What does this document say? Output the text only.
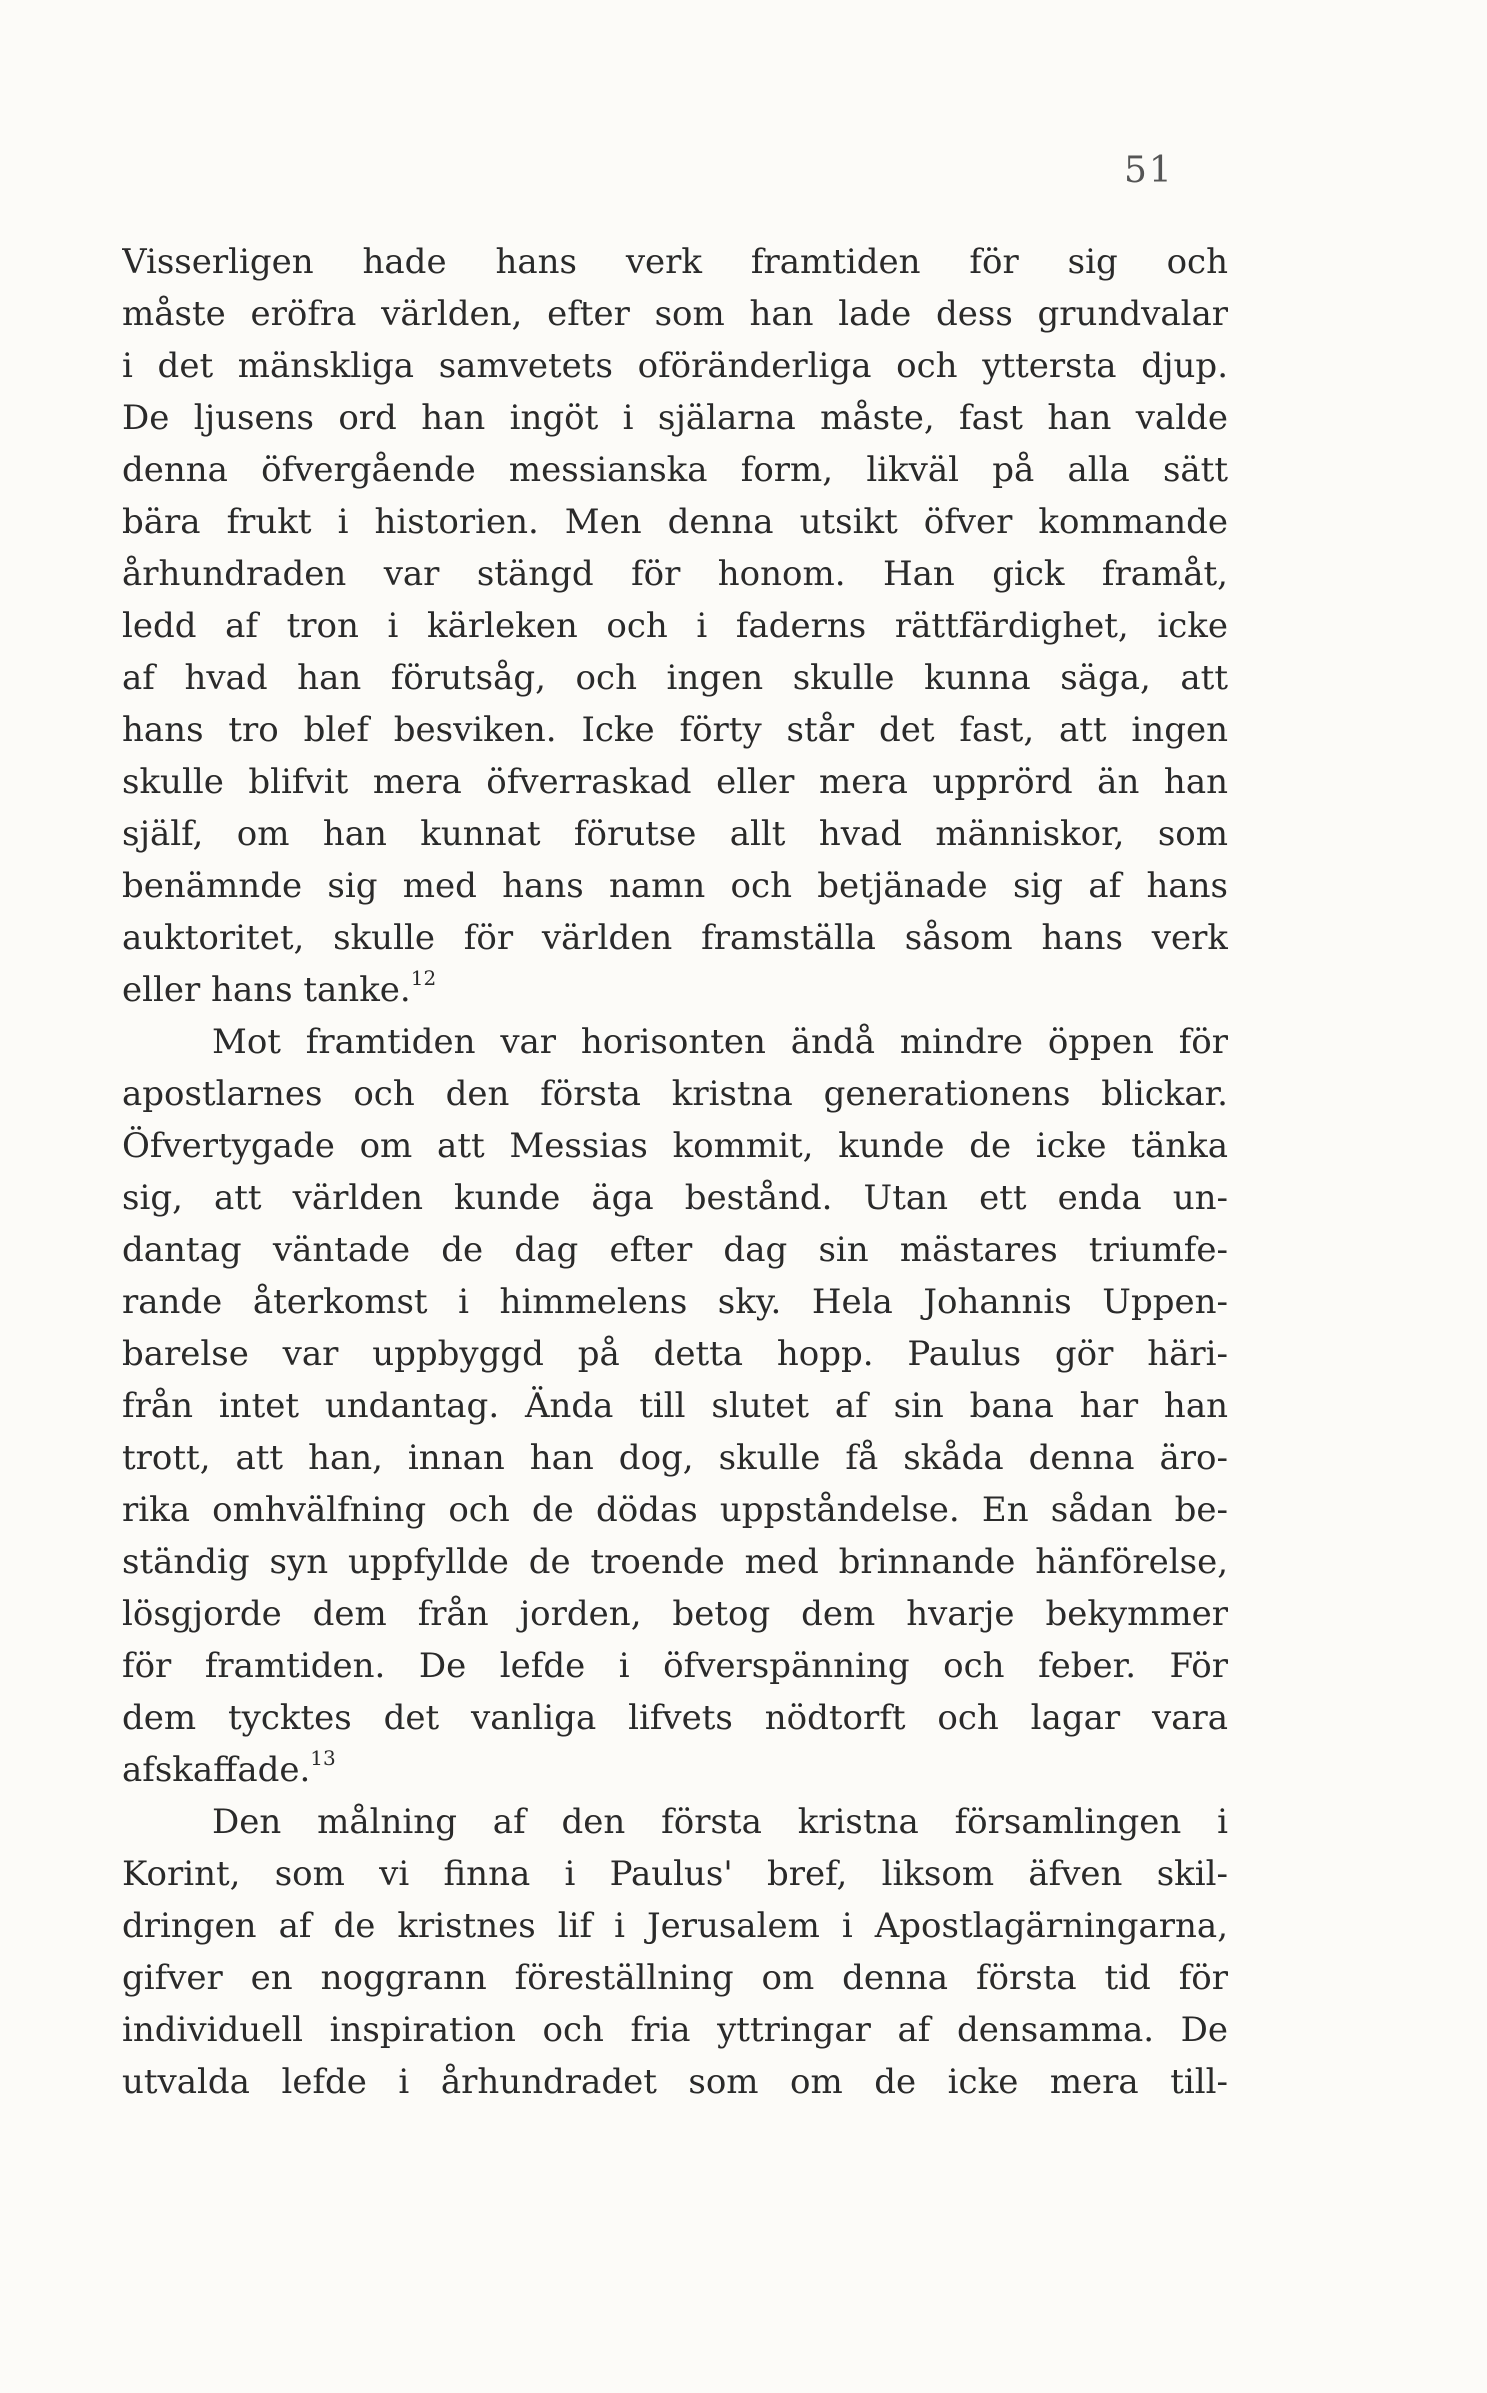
51
Visserligen hade hans verk framtiden för sig och
måste eröfra världen, efter som han lade dess grundvalar
i det mänskliga samvetets oföränderliga och yttersta djup.
De ljusens ord han ingöt i själarna måste, fast han valde
denna öfvergående messianska form, likväl på alla sätt
bära frukt i historien. Men denna utsikt öfver kommande
århundraden var stängd för honom. Han gick framåt,
ledd af tron i kärleken och i faderns rättfärdighet, icke
af hvad han förutsåg, och ingen skulle kunna säga, att
hans tro blef besviken. Icke förty står det fast, att ingen
skulle blifvit mera öfverraskad eller mera upprörd än han
själf, om han kunnat förutse allt hvad människor, som
benämnde sig med hans namn och betjänade sig af hans
auktoritet, skulle för världen framställa såsom hans verk
eller hans tanke.$^{12}$
Mot framtiden var horisonten ändå mindre öppen för
apostlarnes och den första kristna generationens blickar.
Öfvertygade om att Messias kommit, kunde de icke tänka
sig, att världen kunde äga bestånd. Utan ett enda un-
dantag väntade de dag efter dag sin mästares triumfe-
rande återkomst i himmelens sky. Hela Johannis Uppen-
barelse var uppbyggd på detta hopp. Paulus gör häri-
från intet undantag. Ända till slutet af sin bana har han
trott, att han, innan han dog, skulle få skåda denna äro-
rika omhvälfning och de dödas uppståndelse. En sådan be-
ständig syn uppfyllde de troende med brinnande hänförelse,
lösgjorde dem från jorden, betog dem hvarje bekymmer
för framtiden. De lefde i öfverspänning och feber. För
dem tycktes det vanliga lifvets nödtorft och lagar vara
afskaffade.$^{13}$
Den målning af den första kristna församlingen i
Korint, som vi finna i Paulus' bref, liksom äfven skil-
dringen af de kristnes lif i Jerusalem i Apostlagärningarna,
gifver en noggrann föreställning om denna första tid för
individuell inspiration och fria yttringar af densamma. De
utvalda lefde i århundradet som om de icke mera till-
